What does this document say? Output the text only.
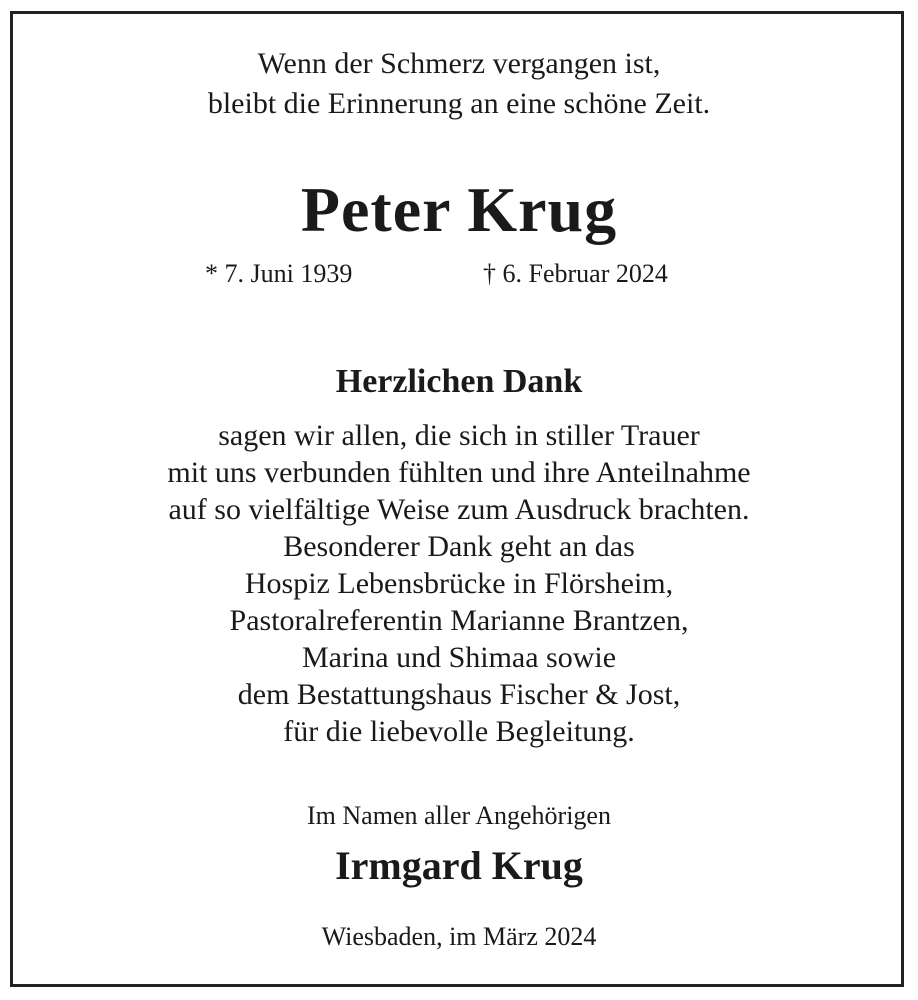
Wenn der Schmerz vergangen ist,
bleibt die Erinnerung an eine schöne Zeit.
Peter Krug
* 7. Juni 1939	† 6. Februar 2024
Herzlichen Dank
sagen wir allen, die sich in stiller Trauer
mit uns verbunden fühlten und ihre Anteilnahme
auf so vielfältige Weise zum Ausdruck brachten.
Besonderer Dank geht an das
Hospiz Lebensbrücke in Flörsheim,
Pastoralreferentin Marianne Brantzen,
Marina und Shimaa sowie
dem Bestattungshaus Fischer & Jost,
für die liebevolle Begleitung.
Im Namen aller Angehörigen
Irmgard Krug
Wiesbaden, im März 2024
